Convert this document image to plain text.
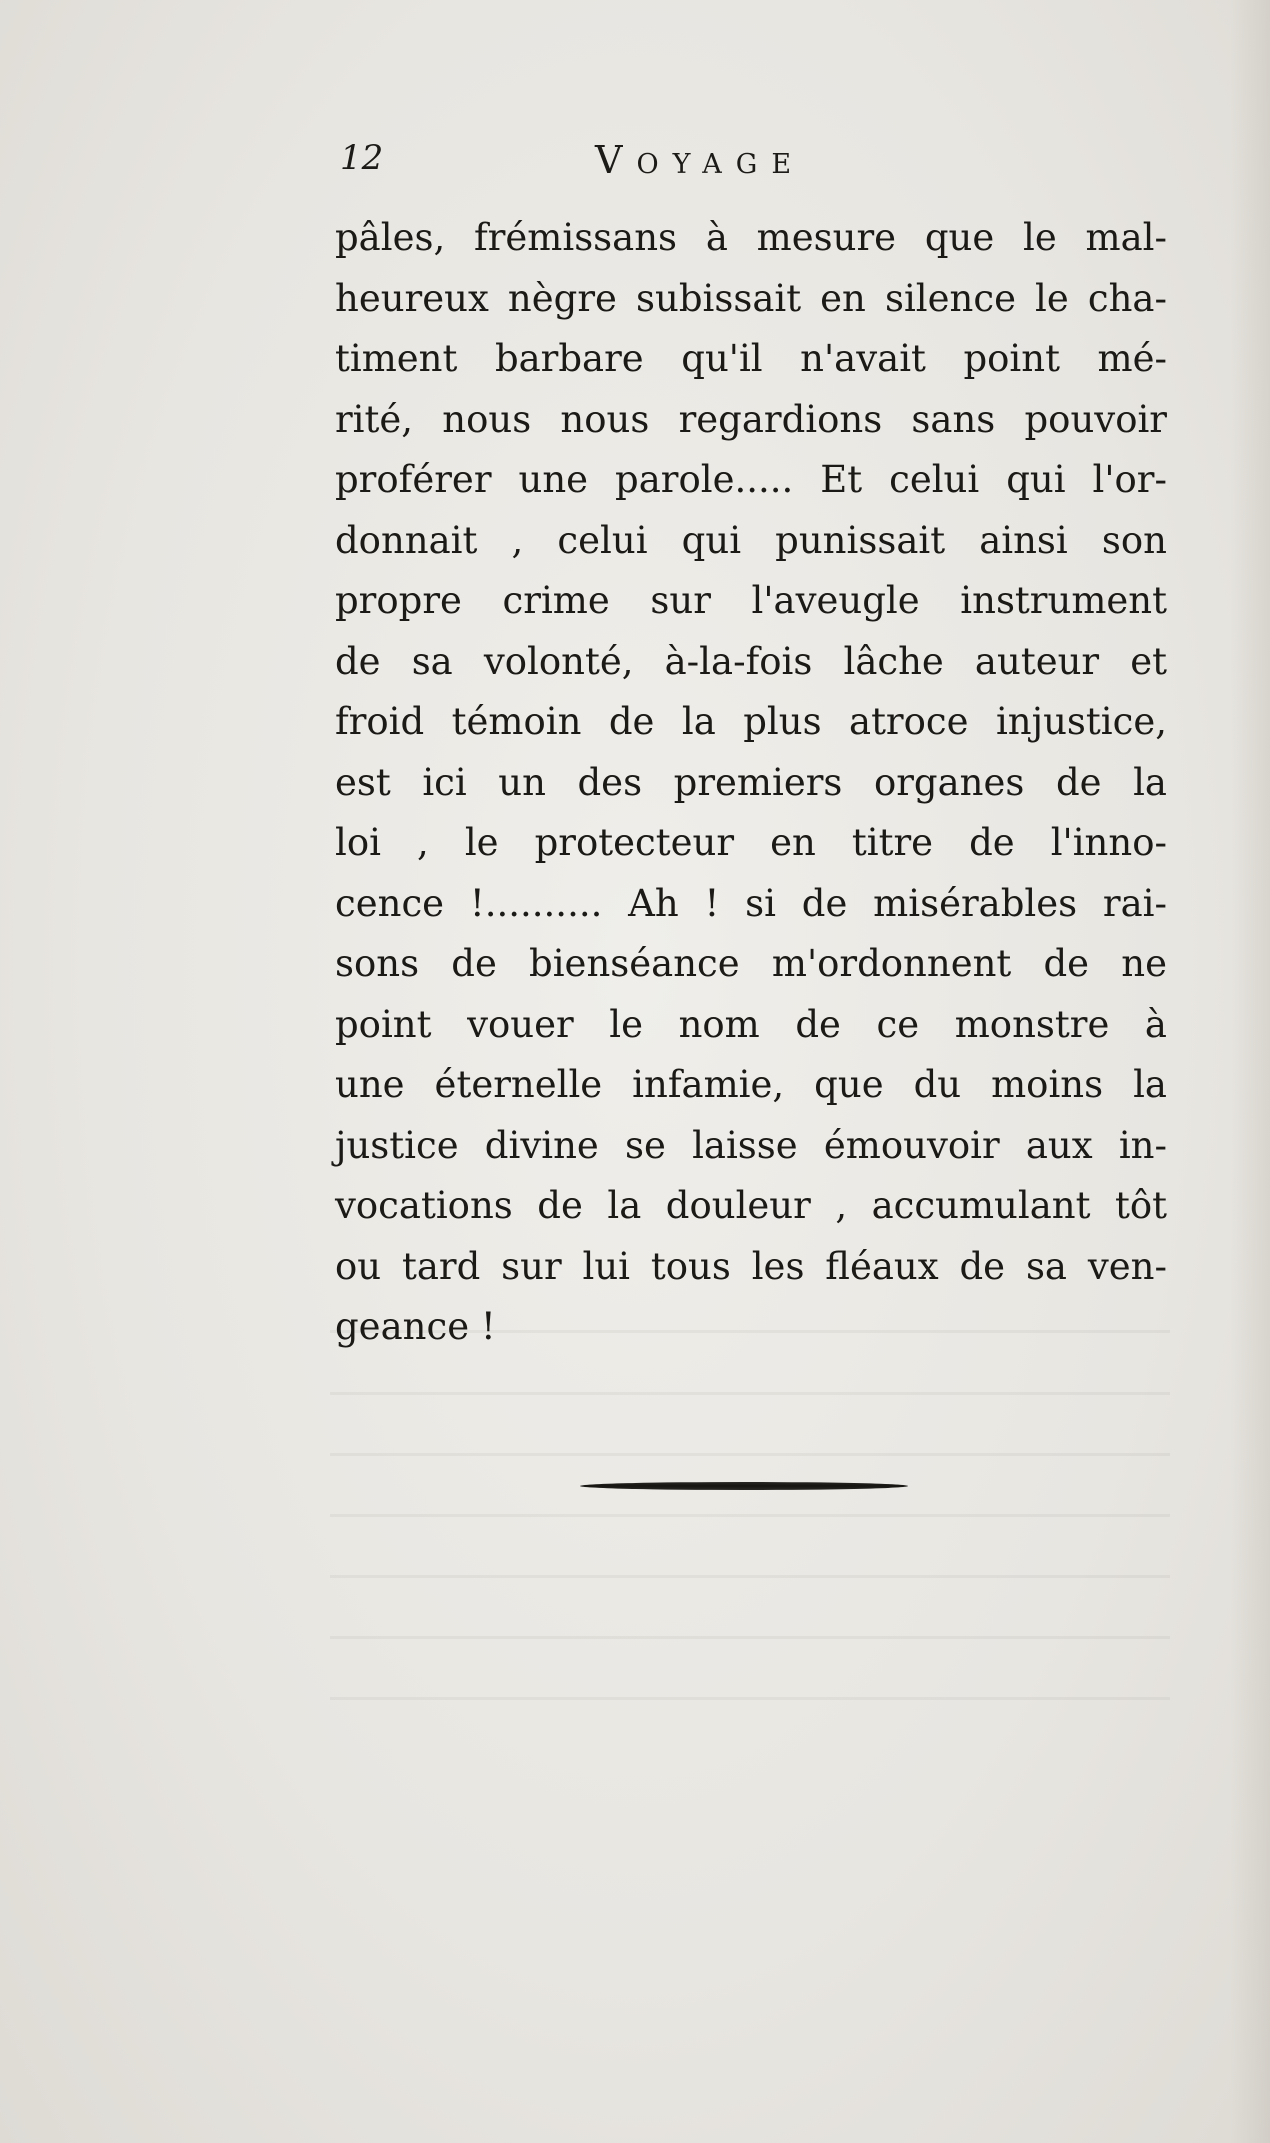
12	Voyage
pâles, frémissans à mesure que le mal-
heureux nègre subissait en silence le cha-
timent barbare qu'il n'avait point mé-
rité, nous nous regardions sans pouvoir
proférer une parole..... Et celui qui l'or-
donnait , celui qui punissait ainsi son
propre crime sur l'aveugle instrument
de sa volonté, à-la-fois lâche auteur et
froid témoin de la plus atroce injustice,
est ici un des premiers organes de la
loi , le protecteur en titre de l'inno-
cence !.......... Ah ! si de misérables rai-
sons de bienséance m'ordonnent de ne
point vouer le nom de ce monstre à
une éternelle infamie, que du moins la
justice divine se laisse émouvoir aux in-
vocations de la douleur , accumulant tôt
ou tard sur lui tous les fléaux de sa ven-
geance !
